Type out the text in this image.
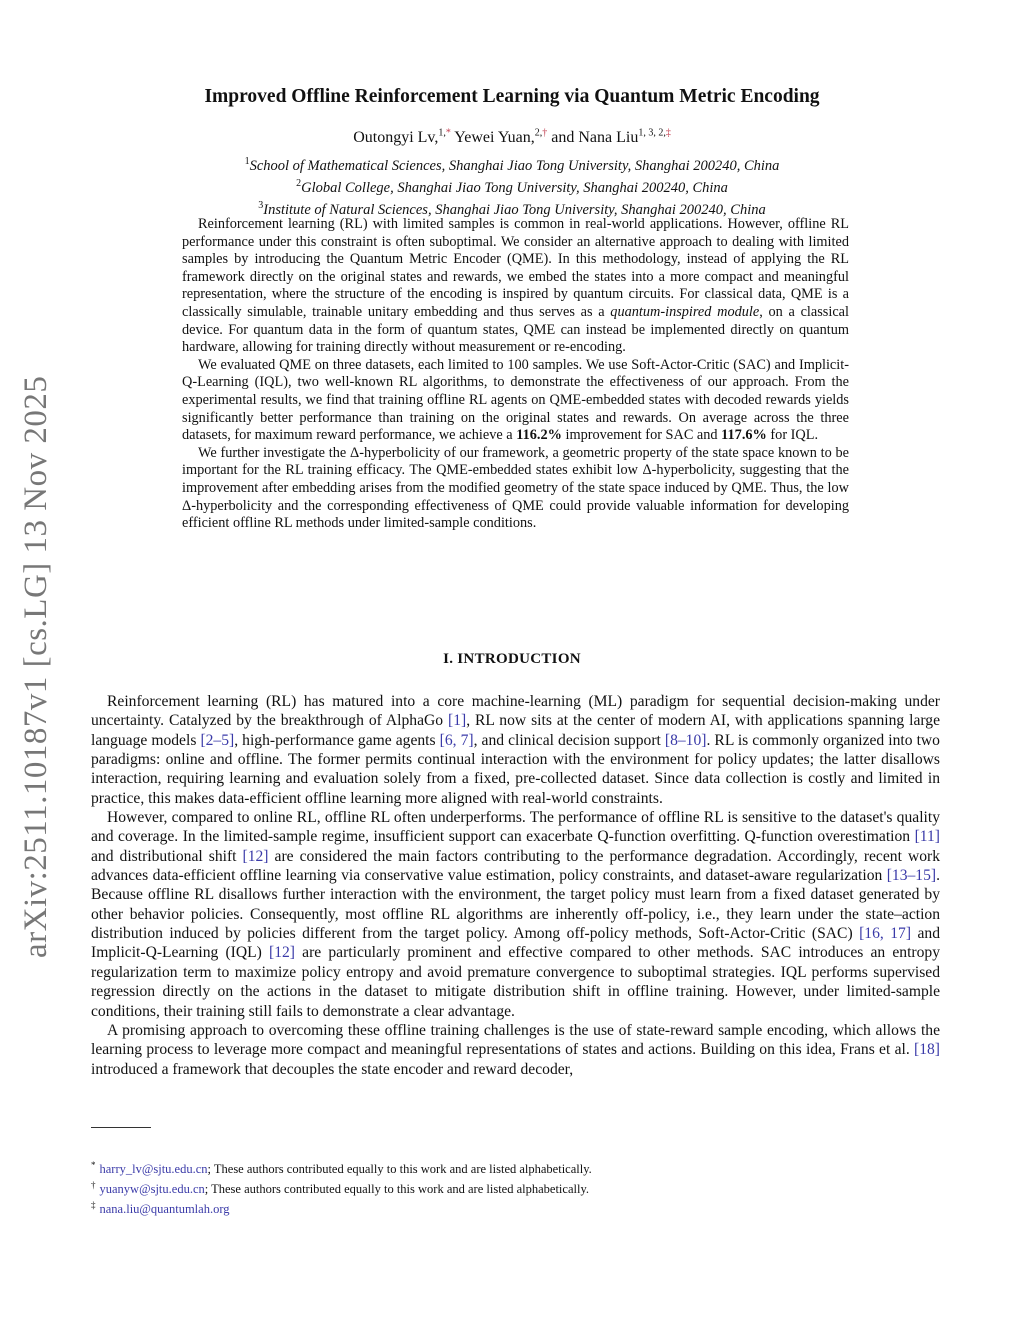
arXiv:2511.10187v1 [cs.LG] 13 Nov 2025
Improved Offline Reinforcement Learning via Quantum Metric Encoding
Outongyi Lv,$^{1,*}$ Yewei Yuan,$^{2,\dagger}$ and Nana Liu$^{1, 3, 2,\ddagger}$
$^1$School of Mathematical Sciences, Shanghai Jiao Tong University, Shanghai 200240, China
$^2$Global College, Shanghai Jiao Tong University, Shanghai 200240, China
$^3$Institute of Natural Sciences, Shanghai Jiao Tong University, Shanghai 200240, China

Reinforcement learning (RL) with limited samples is common in real-world applications. However, offline RL performance under this constraint is often suboptimal. We consider an alternative approach to dealing with limited samples by introducing the Quantum Metric Encoder (QME). In this methodology, instead of applying the RL framework directly on the original states and rewards, we embed the states into a more compact and meaningful representation, where the structure of the encoding is inspired by quantum circuits. For classical data, QME is a classically simulable, trainable unitary embedding and thus serves as a quantum-inspired module, on a classical device. For quantum data in the form of quantum states, QME can instead be implemented directly on quantum hardware, allowing for training directly without measurement or re-encoding.

We evaluated QME on three datasets, each limited to 100 samples. We use Soft-Actor-Critic (SAC) and Implicit-Q-Learning (IQL), two well-known RL algorithms, to demonstrate the effectiveness of our approach. From the experimental results, we find that training offline RL agents on QME-embedded states with decoded rewards yields significantly better performance than training on the original states and rewards. On average across the three datasets, for maximum reward performance, we achieve a 116.2% improvement for SAC and 117.6% for IQL.

We further investigate the Δ-hyperbolicity of our framework, a geometric property of the state space known to be important for the RL training efficacy. The QME-embedded states exhibit low Δ-hyperbolicity, suggesting that the improvement after embedding arises from the modified geometry of the state space induced by QME. Thus, the low Δ-hyperbolicity and the corresponding effectiveness of QME could provide valuable information for developing efficient offline RL methods under limited-sample conditions.

I. INTRODUCTION

Reinforcement learning (RL) has matured into a core machine-learning (ML) paradigm for sequential decision-making under uncertainty. Catalyzed by the breakthrough of AlphaGo [1], RL now sits at the center of modern AI, with applications spanning large language models [2–5], high-performance game agents [6, 7], and clinical decision support [8–10]. RL is commonly organized into two paradigms: online and offline. The former permits continual interaction with the environment for policy updates; the latter disallows interaction, requiring learning and evaluation solely from a fixed, pre-collected dataset. Since data collection is costly and limited in practice, this makes data-efficient offline learning more aligned with real-world constraints.

However, compared to online RL, offline RL often underperforms. The performance of offline RL is sensitive to the dataset's quality and coverage. In the limited-sample regime, insufficient support can exacerbate Q-function overfitting. Q-function overestimation [11] and distributional shift [12] are considered the main factors contributing to the performance degradation. Accordingly, recent work advances data-efficient offline learning via conservative value estimation, policy constraints, and dataset-aware regularization [13–15]. Because offline RL disallows further interaction with the environment, the target policy must learn from a fixed dataset generated by other behavior policies. Consequently, most offline RL algorithms are inherently off-policy, i.e., they learn under the state–action distribution induced by policies different from the target policy. Among off-policy methods, Soft-Actor-Critic (SAC) [16, 17] and Implicit-Q-Learning (IQL) [12] are particularly prominent and effective compared to other methods. SAC introduces an entropy regularization term to maximize policy entropy and avoid premature convergence to suboptimal strategies. IQL performs supervised regression directly on the actions in the dataset to mitigate distribution shift in offline training. However, under limited-sample conditions, their training still fails to demonstrate a clear advantage.

A promising approach to overcoming these offline training challenges is the use of state-reward sample encoding, which allows the learning process to leverage more compact and meaningful representations of states and actions. Building on this idea, Frans et al. [18] introduced a framework that decouples the state encoder and reward decoder,

* harry_lv@sjtu.edu.cn; These authors contributed equally to this work and are listed alphabetically.
† yuanyw@sjtu.edu.cn; These authors contributed equally to this work and are listed alphabetically.
‡ nana.liu@quantumlah.org
